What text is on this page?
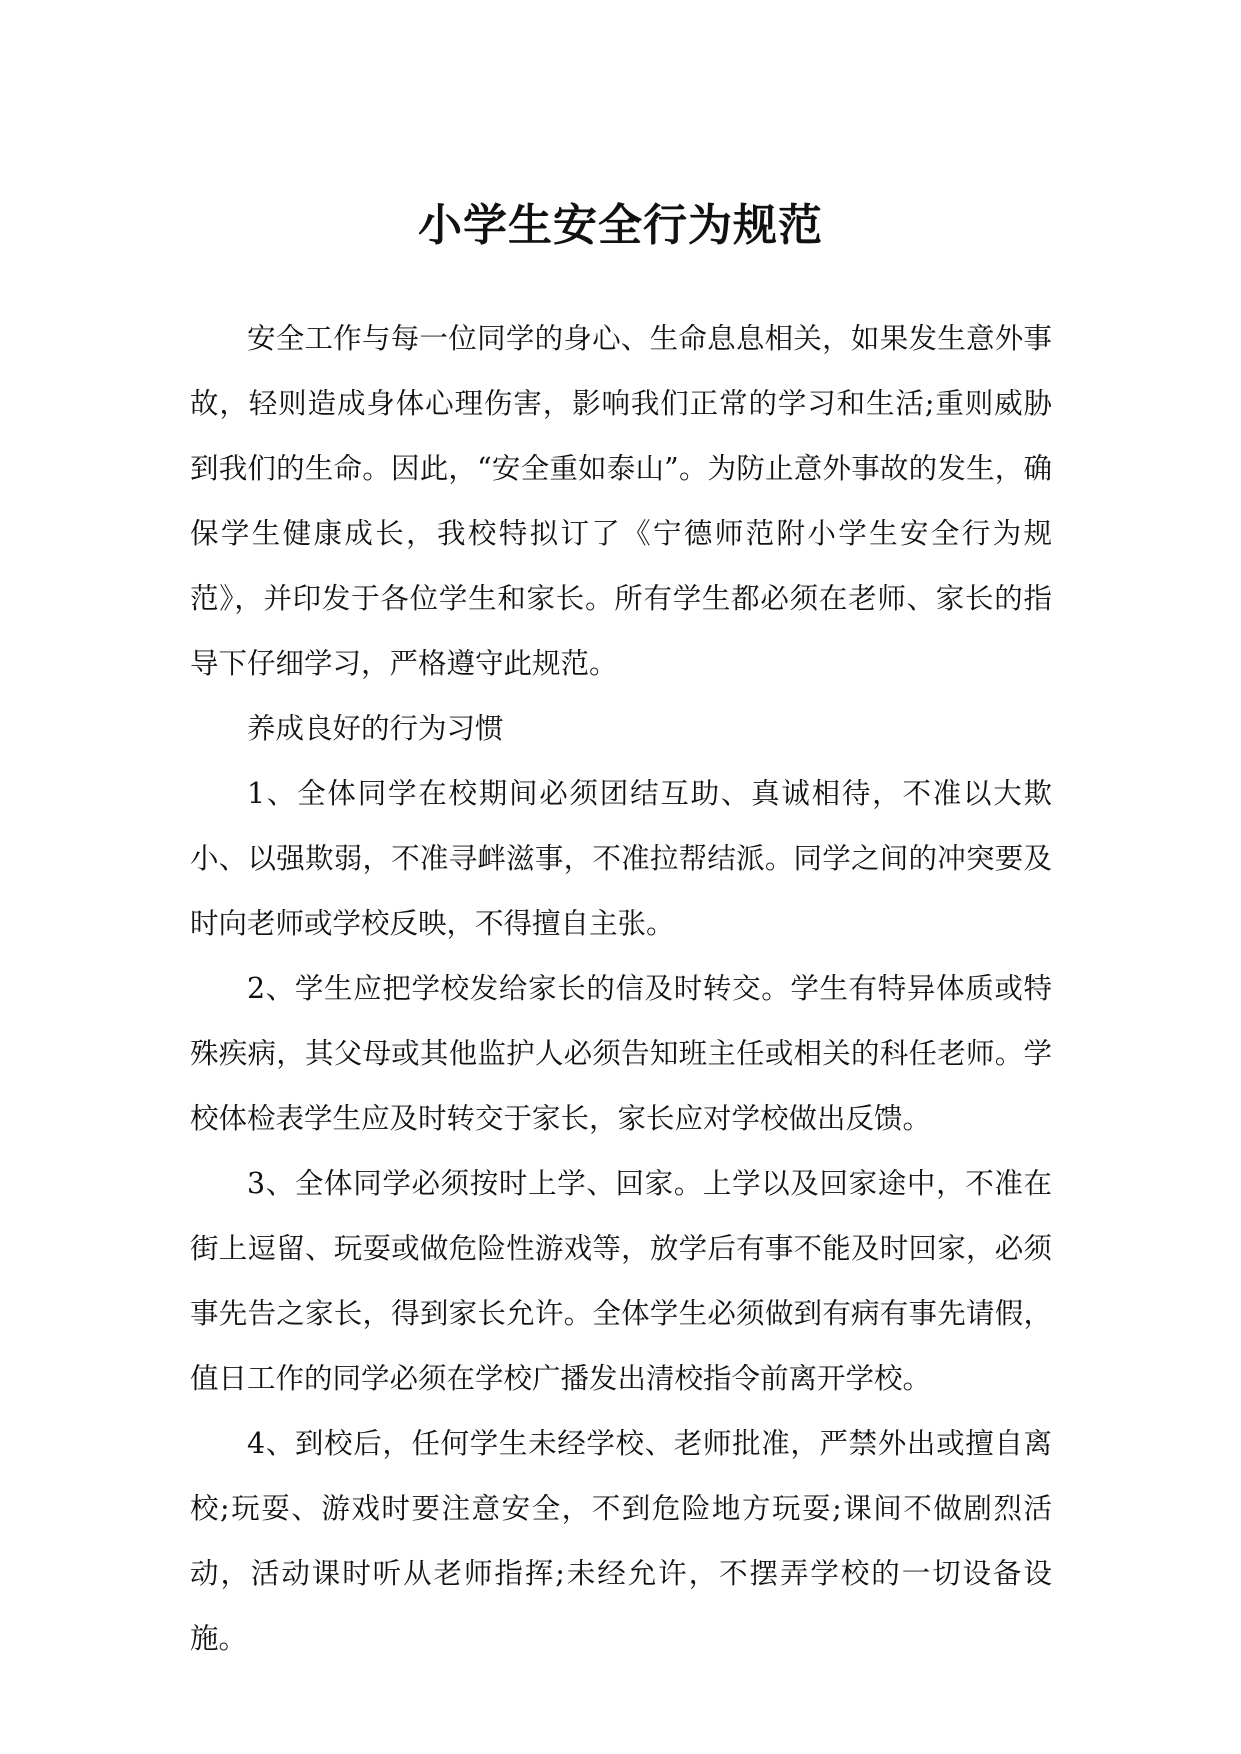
小学生安全行为规范

安全工作与每一位同学的身心、生命息息相关，如果发生意外事故，轻则造成身体心理伤害，影响我们正常的学习和生活;重则威胁到我们的生命。因此，“安全重如泰山”。为防止意外事故的发生，确保学生健康成长，我校特拟订了《宁德师范附小学生安全行为规范》，并印发于各位学生和家长。所有学生都必须在老师、家长的指导下仔细学习，严格遵守此规范。

养成良好的行为习惯

1、全体同学在校期间必须团结互助、真诚相待，不准以大欺小、以强欺弱，不准寻衅滋事，不准拉帮结派。同学之间的冲突要及时向老师或学校反映，不得擅自主张。

2、学生应把学校发给家长的信及时转交。学生有特异体质或特殊疾病，其父母或其他监护人必须告知班主任或相关的科任老师。学校体检表学生应及时转交于家长，家长应对学校做出反馈。

3、全体同学必须按时上学、回家。上学以及回家途中，不准在街上逗留、玩耍或做危险性游戏等，放学后有事不能及时回家，必须事先告之家长，得到家长允许。全体学生必须做到有病有事先请假，值日工作的同学必须在学校广播发出清校指令前离开学校。

4、到校后，任何学生未经学校、老师批准，严禁外出或擅自离校;玩耍、游戏时要注意安全，不到危险地方玩耍;课间不做剧烈活动，活动课时听从老师指挥;未经允许，不摆弄学校的一切设备设施。
